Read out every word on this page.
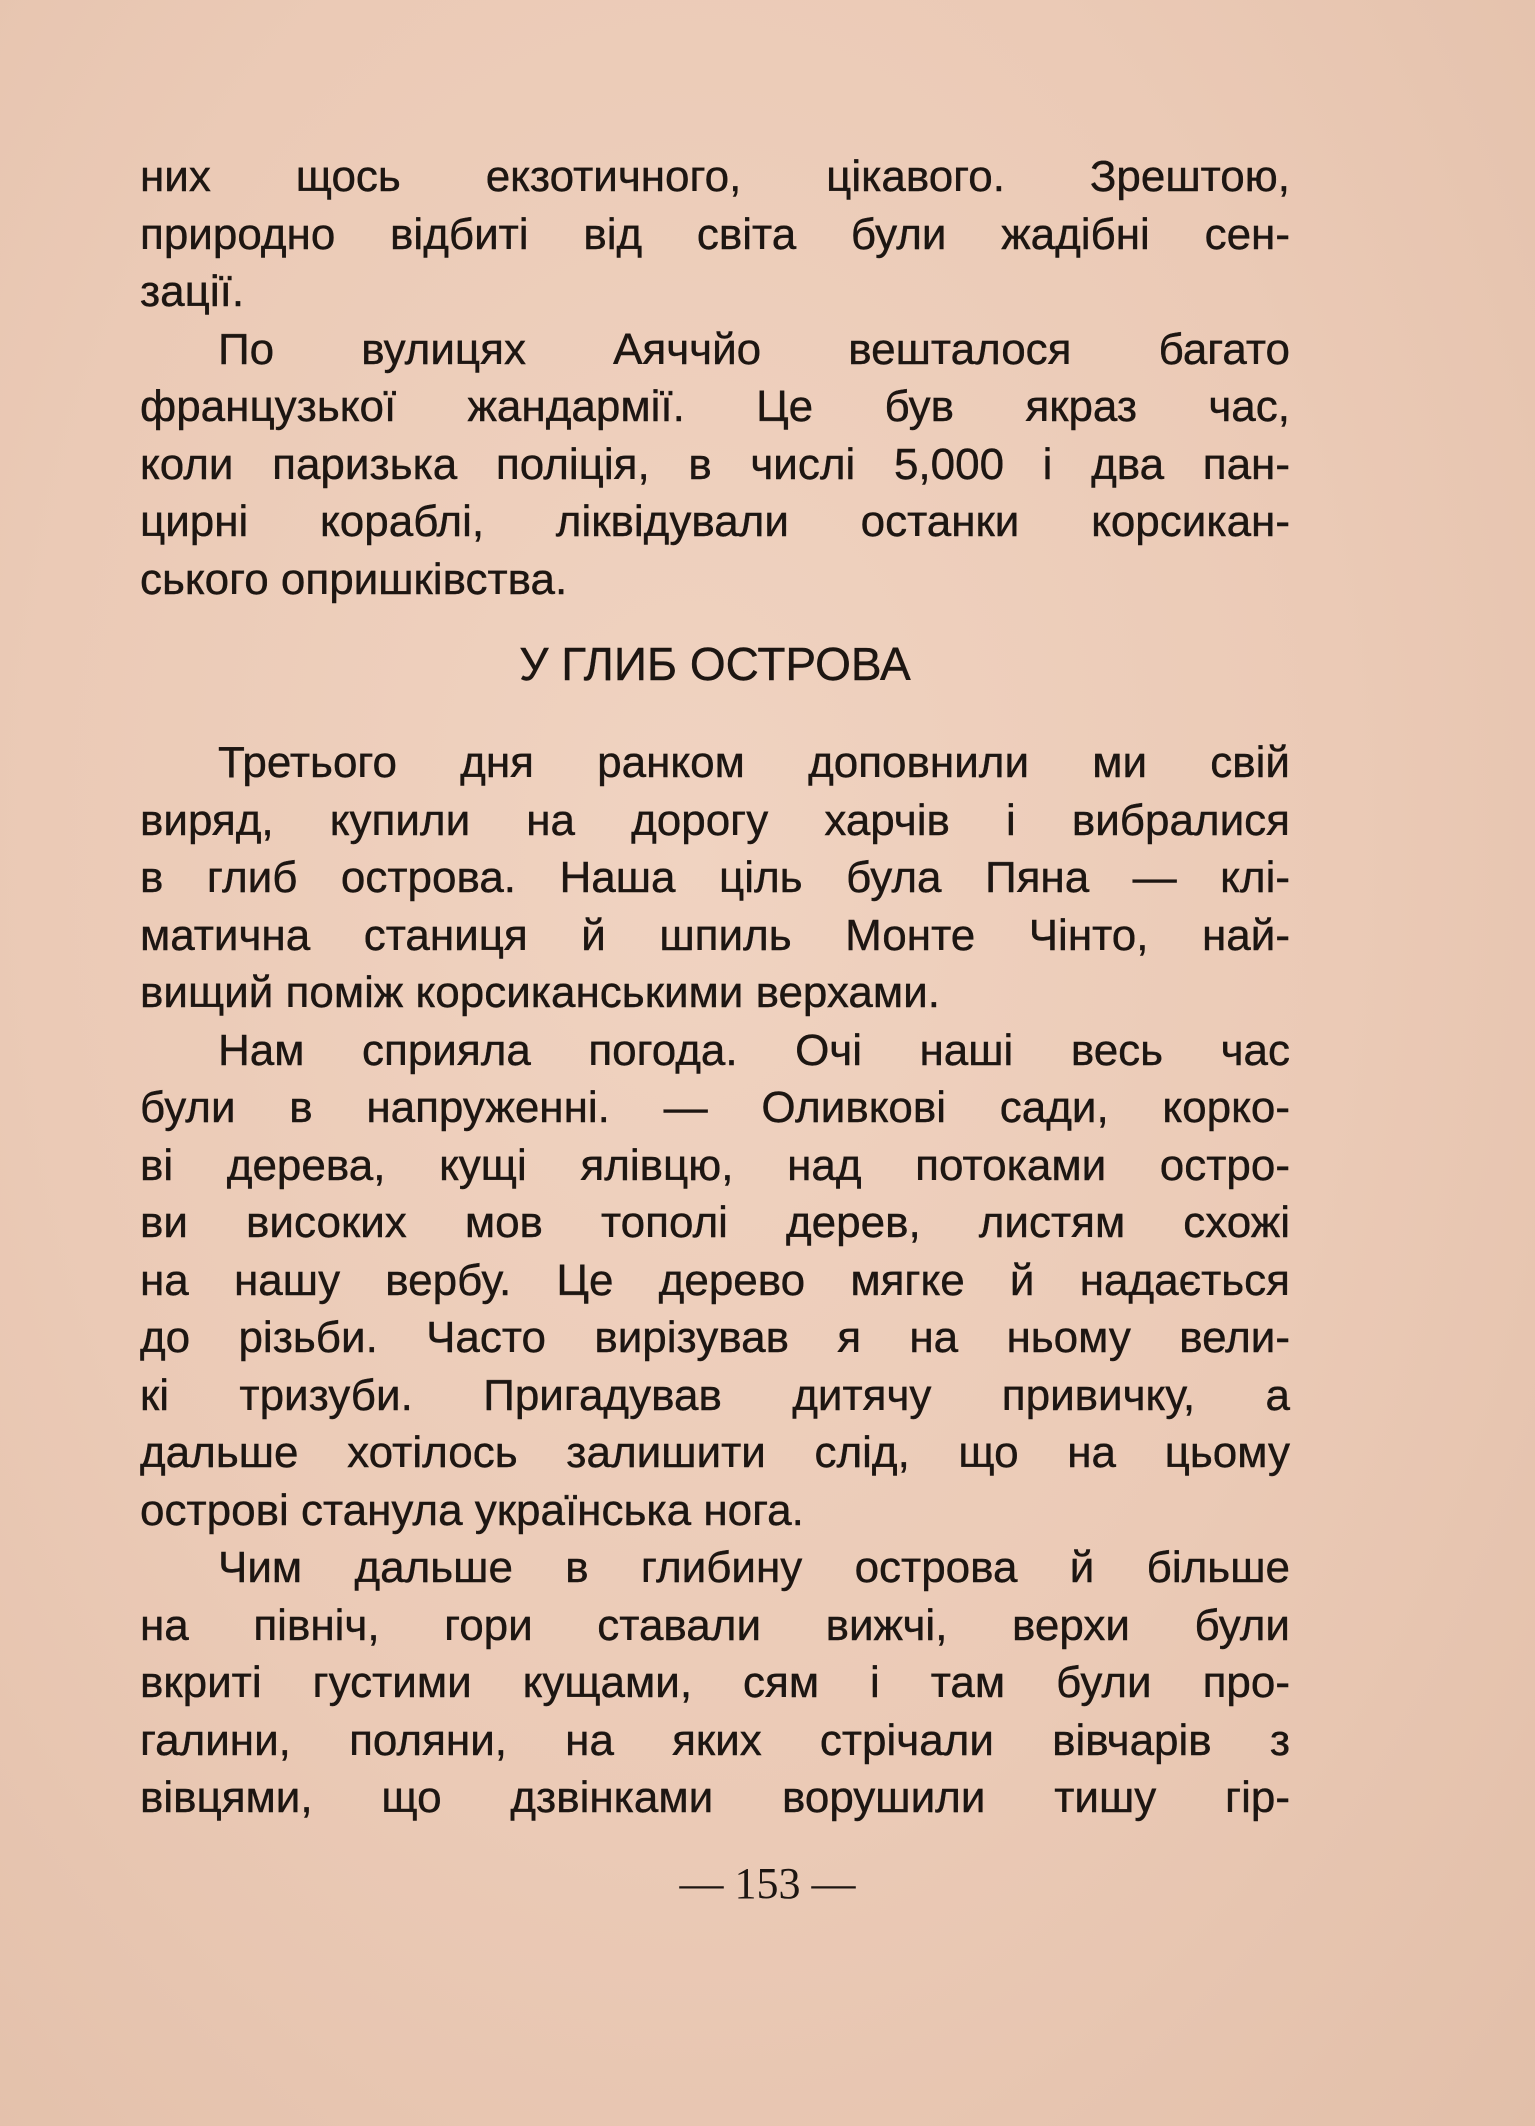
них щось екзотичного, цікавого. Зрештою,
природно відбиті від світа були жадібні сен-
зації.
По вулицях Аяччйо вешталося багато
французької жандармії. Це був якраз час,
коли паризька поліція, в числі 5,000 і два пан-
цирні кораблі, ліквідували останки корсикан-
ського опришківства.
У ГЛИБ ОСТРОВА
Третього дня ранком доповнили ми свій
виряд, купили на дорогу харчів і вибралися
в глиб острова. Наша ціль була Пяна — клі-
матична станиця й шпиль Монте Чінто, най-
вищий поміж корсиканськими верхами.
Нам сприяла погода. Очі наші весь час
були в напруженні. — Оливкові сади, корко-
ві дерева, кущі ялівцю, над потоками остро-
ви високих мов тополі дерев, листям схожі
на нашу вербу. Це дерево мягке й надається
до різьби. Часто вирізував я на ньому вели-
кі тризуби. Пригадував дитячу привичку, а
дальше хотілось залишити слід, що на цьому
острові станула українська нога.
Чим дальше в глибину острова й більше
на північ, гори ставали вижчі, верхи були
вкриті густими кущами, сям і там були про-
галини, поляни, на яких стрічали вівчарів з
вівцями, що дзвінками ворушили тишу гір-
— 153 —
